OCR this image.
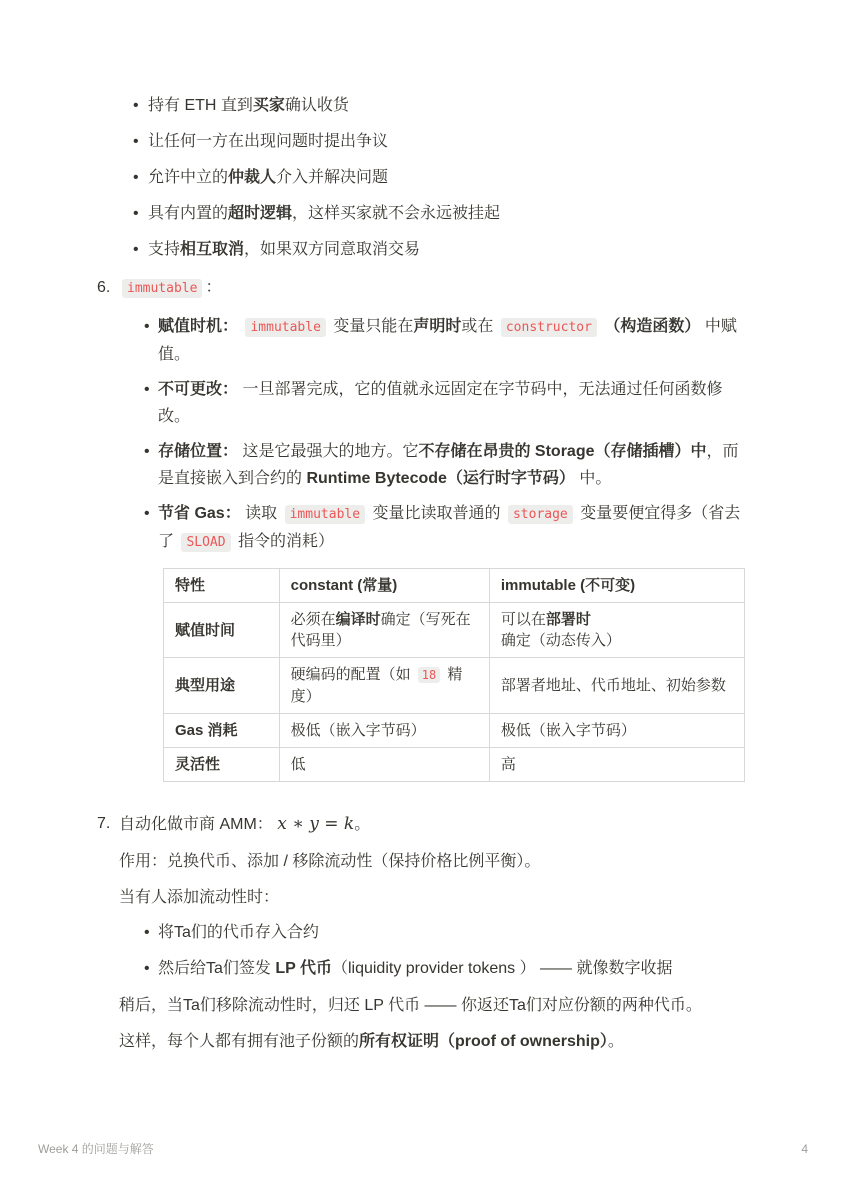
• 持有 ETH 直到买家确认收货
• 让任何一方在出现问题时提出争议
• 允许中立的仲裁人介入并解决问题
• 具有内置的超时逻辑，这样买家就不会永远被挂起
• 支持相互取消，如果双方同意取消交易
6.	immutable ：
• 赋值时机： immutable 变量只能在声明时或在 constructor （构造函数） 中赋值。
• 不可更改： 一旦部署完成，它的值就永远固定在字节码中，无法通过任何函数修改。
• 存储位置： 这是它最强大的地方。它不存储在昂贵的 Storage（存储插槽）中，而是直接嵌入到合约的 Runtime Bytecode（运行时字节码） 中。
• 节省 Gas： 读取 immutable 变量比读取普通的 storage 变量要便宜得多（省去了 SLOAD 指令的消耗）
特性	constant (常量)	immutable (不可变)
赋值时间	必须在编译时确定（写死在代码里）	可以在部署时
确定（动态传入）
典型用途	硬编码的配置（如 18 精度）	部署者地址、代币地址、初始参数
Gas 消耗	极低（嵌入字节码）	极低（嵌入字节码）
灵活性	低	高
7. 自动化做市商 AMM： x ∗ y = k。
作用：兑换代币、添加 / 移除流动性（保持价格比例平衡）。
当有人添加流动性时：
• 将Ta们的代币存入合约
• 然后给Ta们签发 LP 代币（liquidity provider tokens ） —— 就像数字收据
稍后，当Ta们移除流动性时，归还 LP 代币 —— 你返还Ta们对应份额的两种代币。
这样，每个人都有拥有池子份额的所有权证明（proof of ownership）。
Week 4 的问题与解答	4
